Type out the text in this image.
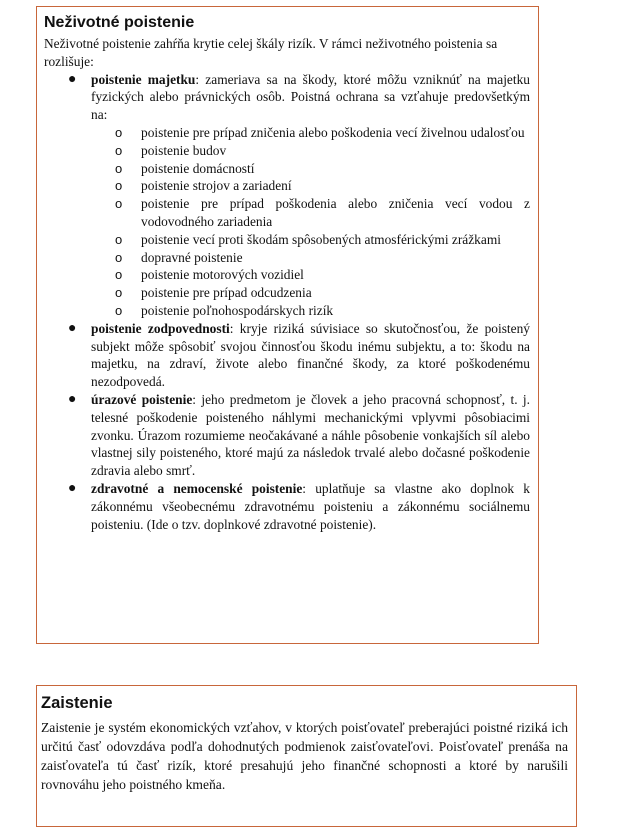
Neživotné poistenie

Neživotné poistenie zahŕňa krytie celej škály rizík. V rámci neživotného poistenia sa rozlišuje:

● poistenie majetku: zameriava sa na škody, ktoré môžu vzniknúť na majetku fyzických alebo právnických osôb. Poistná ochrana sa vzťahuje predovšetkým na:
o poistenie pre prípad zničenia alebo poškodenia vecí živelnou udalosťou
o poistenie budov
o poistenie domácností
o poistenie strojov a zariadení
o poistenie pre prípad poškodenia alebo zničenia vecí vodou z vodovodného zariadenia
o poistenie vecí proti škodám spôsobených atmosférickými zrážkami
o dopravné poistenie
o poistenie motorových vozidiel
o poistenie pre prípad odcudzenia
o poistenie poľnohospodárskych rizík
● poistenie zodpovednosti: kryje riziká súvisiace so skutočnosťou, že poistený subjekt môže spôsobiť svojou činnosťou škodu inému subjektu, a to: škodu na majetku, na zdraví, živote alebo finančné škody, za ktoré poškodenému nezodpovedá.
● úrazové poistenie: jeho predmetom je človek a jeho pracovná schopnosť, t. j. telesné poškodenie poisteného náhlymi mechanickými vplyvmi pôsobiacimi zvonku. Úrazom rozumieme neočakávané a náhle pôsobenie vonkajších síl alebo vlastnej sily poisteného, ktoré majú za následok trvalé alebo dočasné poškodenie zdravia alebo smrť.
● zdravotné a nemocenské poistenie: uplatňuje sa vlastne ako doplnok k zákonnému všeobecnému zdravotnému poisteniu a zákonnému sociálnemu poisteniu. (Ide o tzv. doplnkové zdravotné poistenie).
Zaistenie

Zaistenie je systém ekonomických vzťahov, v ktorých poisťovateľ preberajúci poistné riziká ich určitú časť odovzdáva podľa dohodnutých podmienok zaisťovateľovi. Poisťovateľ prenáša na zaisťovateľa tú časť rizík, ktoré presahujú jeho finančné schopnosti a ktoré by narušili rovnováhu jeho poistného kmeňa.
